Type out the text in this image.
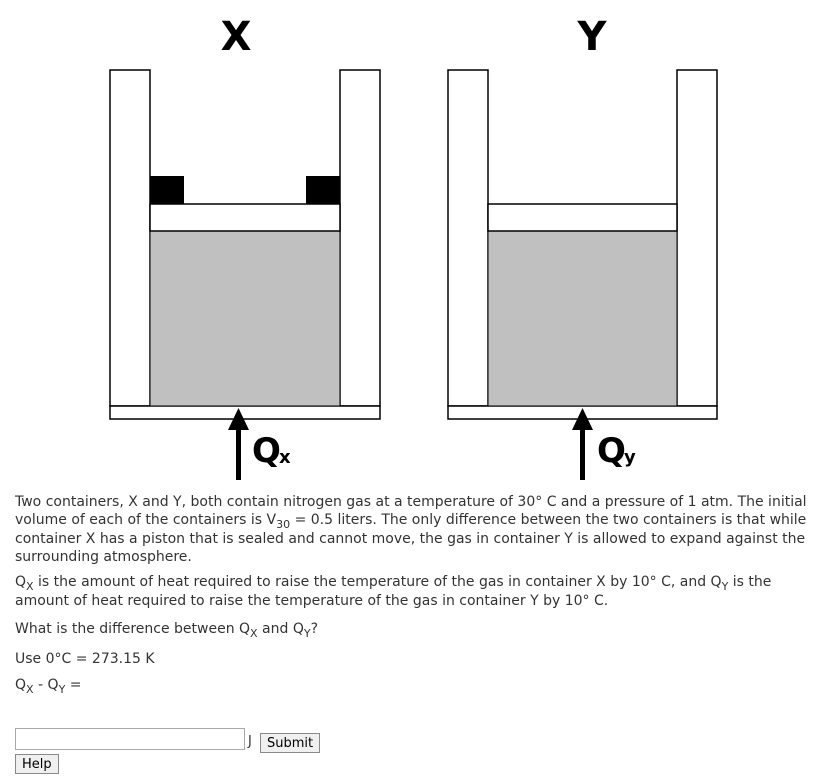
X
Q
x
Y
Q
y
Two containers, X and Y, both contain nitrogen gas at a temperature of 30° C and a pressure of 1 atm. The initial volume of each of the containers is $V_{30} = 0.5$ liters. The only difference between the two containers is that while container X has a piston that is sealed and cannot move, the gas in container Y is allowed to expand against the surrounding atmosphere.
$Q_X$ is the amount of heat required to raise the temperature of the gas in container X by 10° C, and $Q_Y$ is the amount of heat required to raise the temperature of the gas in container Y by 10° C.
What is the difference between $Q_X$ and $Q_Y$?
Use 0°C = 273.15 K
$Q_X - Q_Y$ =
J	Submit
Help
